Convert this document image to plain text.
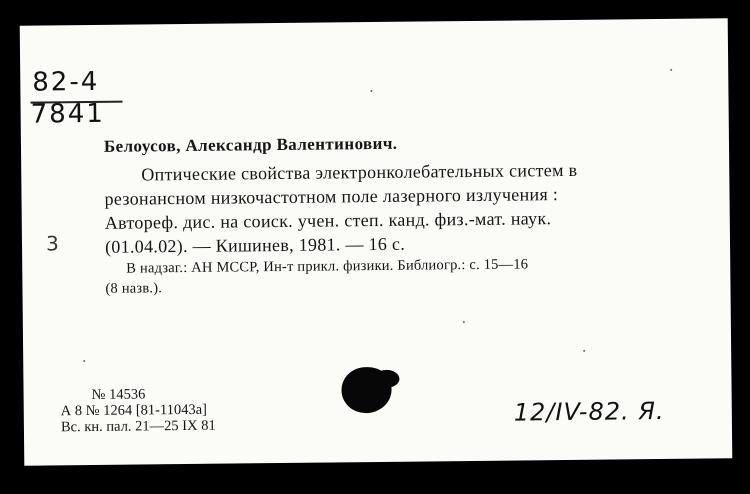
82-4
7841
Белоусов, Александр Валентинович.
Оптические свойства электронколебательных систем в
резонансном низкочастотном поле лазерного излучения :
Автореф. дис. на соиск. учен. степ. канд. физ.-мат. наук.
(01.04.02). — Кишинев, 1981. — 16 с.
3
В надзаг.: АН МССР, Ин-т прикл. физики. Библиогр.: с. 15—16
(8 назв.).
№ 14536
А 8 № 1264 [81-11043а]
Вс. кн. пал. 21—25 IX 81	12/IV-82. Я.
